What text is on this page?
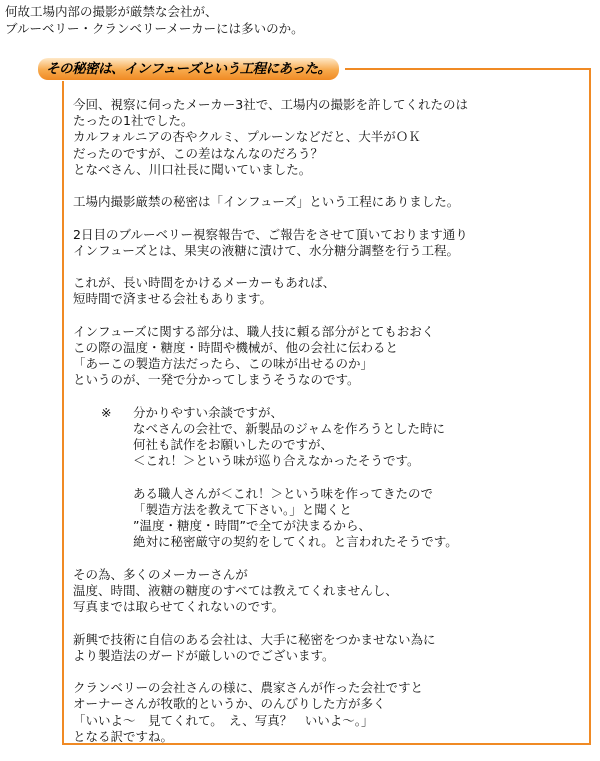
何故工場内部の撮影が厳禁な会社が、
ブルーベリー・クランベリーメーカーには多いのか。
その秘密は、インフューズという工程にあった。
今回、視察に伺ったメーカー3社で、工場内の撮影を許してくれたのは
たったの1社でした。
カルフォルニアの杏やクルミ、プルーンなどだと、大半がＯＫ
だったのですが、この差はなんなのだろう？
となべさん、川口社長に聞いていました。
工場内撮影厳禁の秘密は「インフューズ」という工程にありました。
2日目のブルーベリー視察報告で、ご報告をさせて頂いております通り
インフューズとは、果実の液糖に漬けて、水分糖分調整を行う工程。
これが、長い時間をかけるメーカーもあれば、
短時間で済ませる会社もあります。
インフューズに関する部分は、職人技に頼る部分がとてもおおく
この際の温度・糖度・時間や機械が、他の会社に伝わると
「あーこの製造方法だったら、この味が出せるのか」
というのが、一発で分かってしまうそうなのです。
※ 分かりやすい余談ですが、
なべさんの会社で、新製品のジャムを作ろうとした時に
何社も試作をお願いしたのですが、
＜これ！＞という味が巡り合えなかったそうです。
ある職人さんが＜これ！＞という味を作ってきたので
「製造方法を教えて下さい。」と聞くと
”温度・糖度・時間”で全てが決まるから、
絶対に秘密厳守の契約をしてくれ。と言われたそうです。
その為、多くのメーカーさんが
温度、時間、液糖の糖度のすべては教えてくれませんし、
写真までは取らせてくれないのです。
新興で技術に自信のある会社は、大手に秘密をつかませない為に
より製造法のガードが厳しいのでございます。
クランベリーの会社さんの様に、農家さんが作った会社ですと
オーナーさんが牧歌的というか、のんびりした方が多く
「いいよ～　見てくれて。　え、写真？　いいよ～。」
となる訳ですね。
